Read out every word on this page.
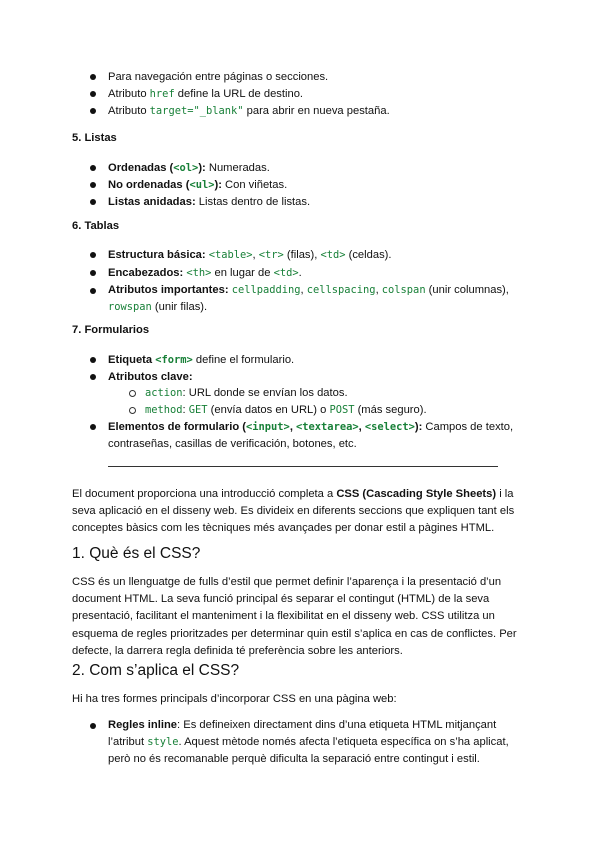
Para navegación entre páginas o secciones.
Atributo href define la URL de destino.
Atributo target="_blank" para abrir en nueva pestaña.
5. Listas
Ordenadas (<ol>): Numeradas.
No ordenadas (<ul>): Con viñetas.
Listas anidadas: Listas dentro de listas.
6. Tablas
Estructura básica: <table>, <tr> (filas), <td> (celdas).
Encabezados: <th> en lugar de <td>.
Atributos importantes: cellpadding, cellspacing, colspan (unir columnas),
rowspan (unir filas).
7. Formularios
Etiqueta <form> define el formulario.
Atributos clave:
action: URL donde se envían los datos.
method: GET (envía datos en URL) o POST (más seguro).
Elementos de formulario (<input>, <textarea>, <select>): Campos de texto,
contraseñas, casillas de verificación, botones, etc.
El document proporciona una introducció completa a CSS (Cascading Style Sheets) i la
seva aplicació en el disseny web. Es divideix en diferents seccions que expliquen tant els
conceptes bàsics com les tècniques més avançades per donar estil a pàgines HTML.
1. Què és el CSS?
CSS és un llenguatge de fulls d’estil que permet definir l’aparença i la presentació d’un
document HTML. La seva funció principal és separar el contingut (HTML) de la seva
presentació, facilitant el manteniment i la flexibilitat en el disseny web. CSS utilitza un
esquema de regles prioritzades per determinar quin estil s’aplica en cas de conflictes. Per
defecte, la darrera regla definida té preferència sobre les anteriors.
2. Com s’aplica el CSS?
Hi ha tres formes principals d’incorporar CSS en una pàgina web:
Regles inline: Es defineixen directament dins d’una etiqueta HTML mitjançant
l’atribut style. Aquest mètode només afecta l’etiqueta específica on s’ha aplicat,
però no és recomanable perquè dificulta la separació entre contingut i estil.
